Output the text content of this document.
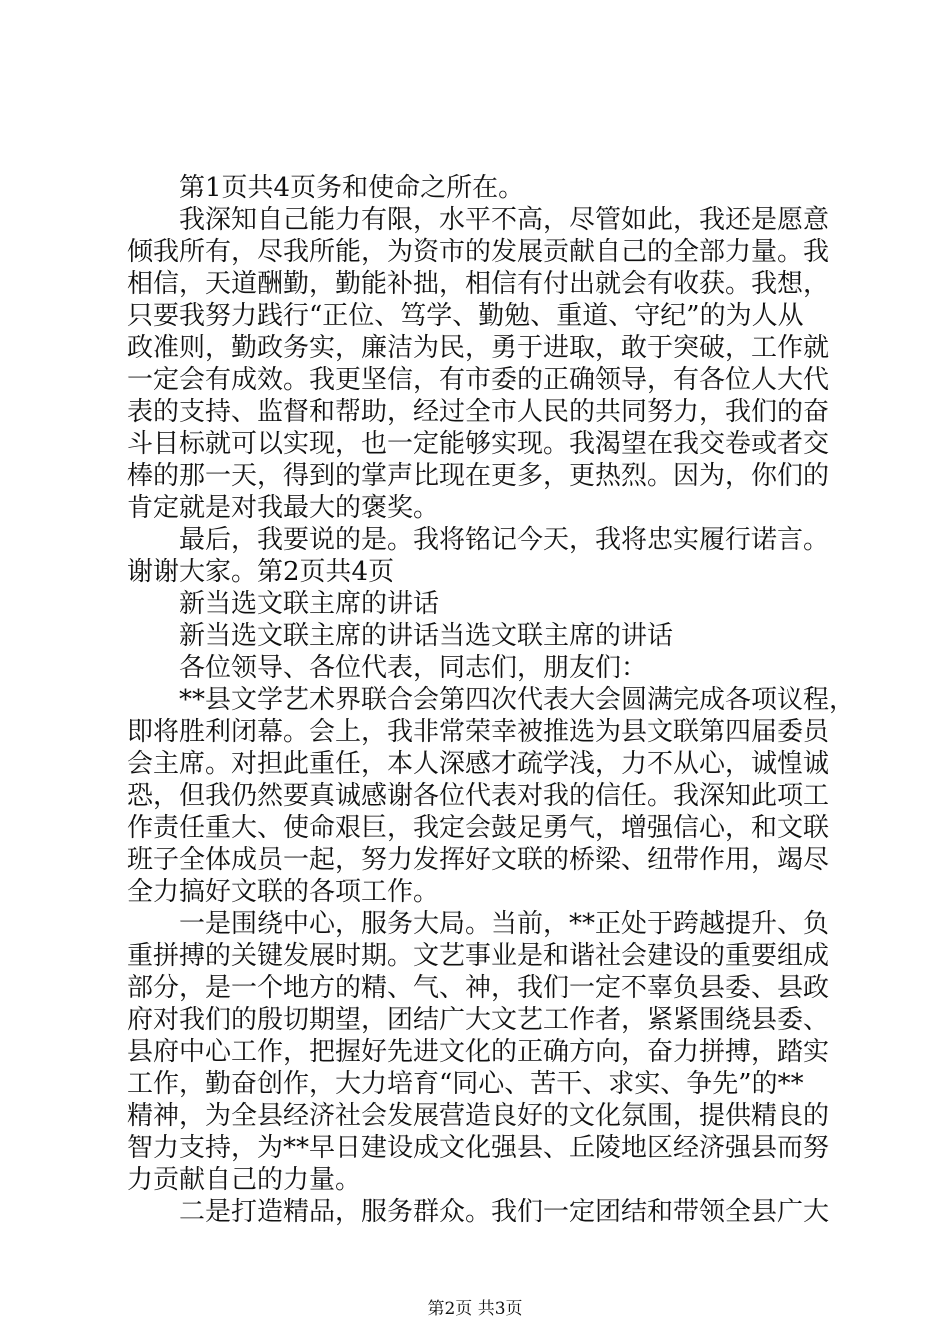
第1页共4页务和使命之所在。

我深知自己能力有限，水平不高，尽管如此，我还是愿意

倾我所有，尽我所能，为资市的发展贡献自己的全部力量。我

相信，天道酬勤，勤能补拙，相信有付出就会有收获。我想，

只要我努力践行“正位、笃学、勤勉、重道、守纪”的为人从

政准则，勤政务实，廉洁为民，勇于进取，敢于突破，工作就

一定会有成效。我更坚信，有市委的正确领导，有各位人大代

表的支持、监督和帮助，经过全市人民的共同努力，我们的奋

斗目标就可以实现，也一定能够实现。我渴望在我交卷或者交

棒的那一天，得到的掌声比现在更多，更热烈。因为，你们的

肯定就是对我最大的褒奖。

最后，我要说的是。我将铭记今天，我将忠实履行诺言。

谢谢大家。第2页共4页

新当选文联主席的讲话

新当选文联主席的讲话当选文联主席的讲话

各位领导、各位代表，同志们，朋友们：

**县文学艺术界联合会第四次代表大会圆满完成各项议程，

即将胜利闭幕。会上，我非常荣幸被推选为县文联第四届委员

会主席。对担此重任，本人深感才疏学浅，力不从心，诚惶诚

恐，但我仍然要真诚感谢各位代表对我的信任。我深知此项工

作责任重大、使命艰巨，我定会鼓足勇气，增强信心，和文联

班子全体成员一起，努力发挥好文联的桥梁、纽带作用，竭尽

全力搞好文联的各项工作。

一是围绕中心，服务大局。当前，**正处于跨越提升、负

重拼搏的关键发展时期。文艺事业是和谐社会建设的重要组成

部分，是一个地方的精、气、神，我们一定不辜负县委、县政

府对我们的殷切期望，团结广大文艺工作者，紧紧围绕县委、

县府中心工作，把握好先进文化的正确方向，奋力拼搏，踏实

工作，勤奋创作，大力培育“同心、苦干、求实、争先”的**

精神，为全县经济社会发展营造良好的文化氛围，提供精良的

智力支持，为**早日建设成文化强县、丘陵地区经济强县而努

力贡献自己的力量。

二是打造精品，服务群众。我们一定团结和带领全县广大

第2页 共3页
